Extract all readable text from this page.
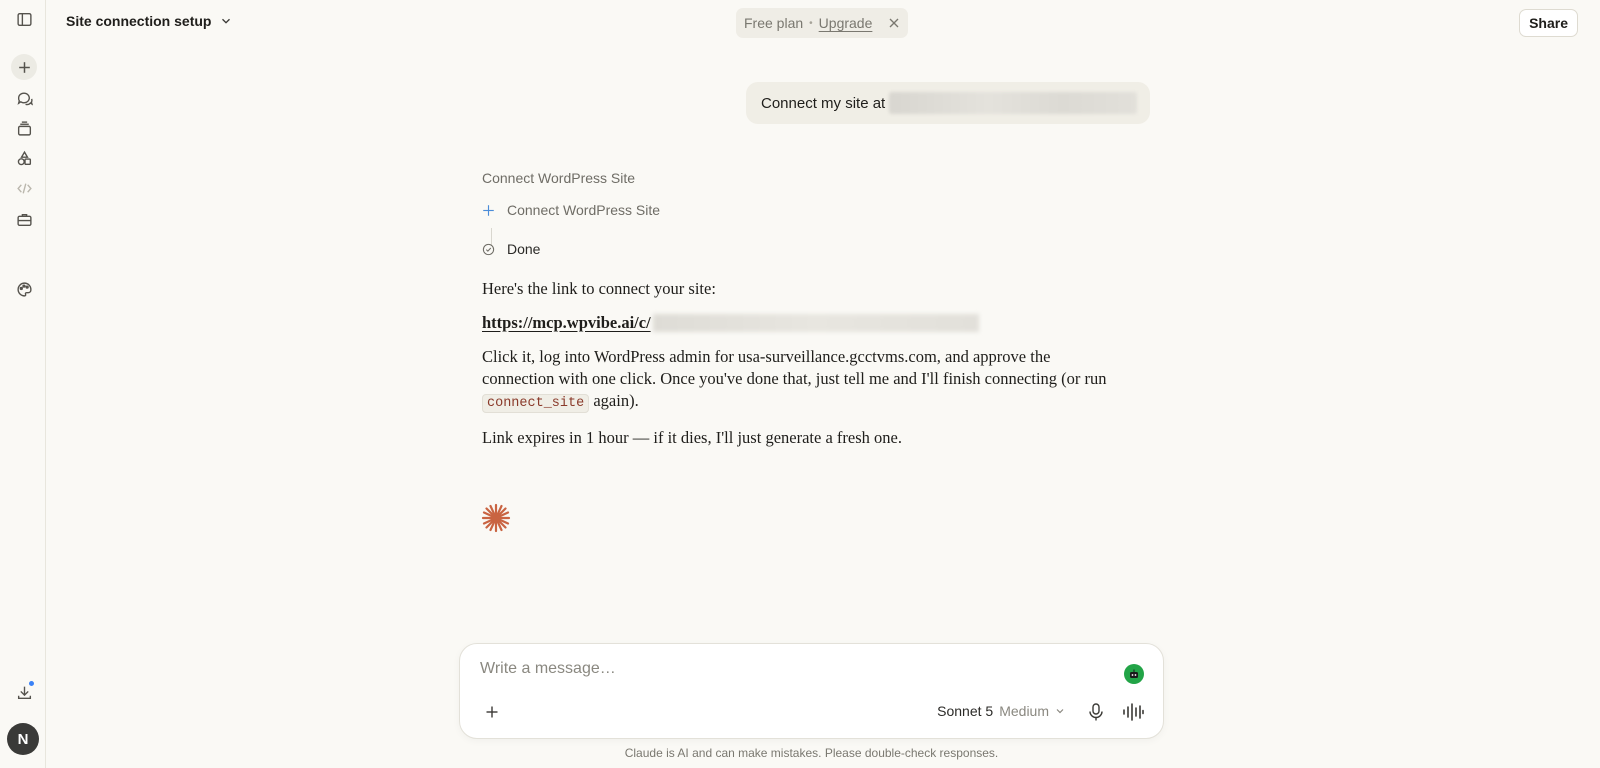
N
Site connection setup	Free plan • Upgrade	Share
Connect my site at
Connect WordPress Site
Connect WordPress Site
Done

Here's the link to connect your site:

https://mcp.wpvibe.ai/c/

Click it, log into WordPress admin for usa-surveillance.gcctvms.com, and approve the connection with one click. Once you've done that, just tell me and I'll finish connecting (or run connect_site again).

Link expires in 1 hour — if it dies, I'll just generate a fresh one.

Write a message…
Sonnet 5 Medium
Claude is AI and can make mistakes. Please double-check responses.
